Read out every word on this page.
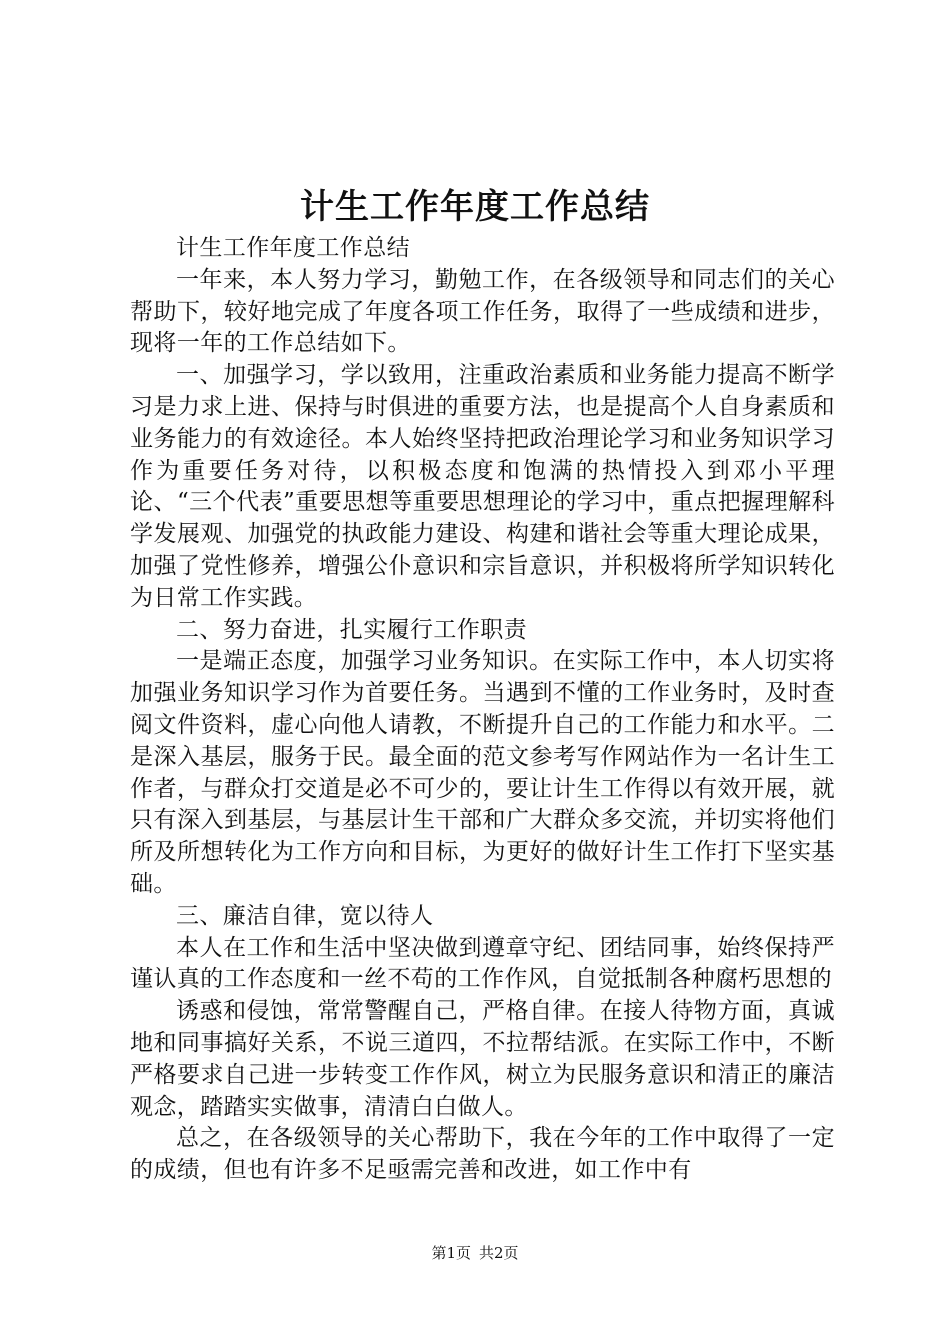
计生工作年度工作总结

计生工作年度工作总结

一年来，本人努力学习，勤勉工作，在各级领导和同志们的关心帮助下，较好地完成了年度各项工作任务，取得了一些成绩和进步，现将一年的工作总结如下。

一、加强学习，学以致用，注重政治素质和业务能力提高不断学习是力求上进、保持与时俱进的重要方法，也是提高个人自身素质和业务能力的有效途径。本人始终坚持把政治理论学习和业务知识学习作为重要任务对待，以积极态度和饱满的热情投入到邓小平理论、“三个代表”重要思想等重要思想理论的学习中，重点把握理解科学发展观、加强党的执政能力建设、构建和谐社会等重大理论成果，加强了党性修养，增强公仆意识和宗旨意识，并积极将所学知识转化为日常工作实践。

二、努力奋进，扎实履行工作职责

一是端正态度，加强学习业务知识。在实际工作中，本人切实将加强业务知识学习作为首要任务。当遇到不懂的工作业务时，及时查阅文件资料，虚心向他人请教，不断提升自己的工作能力和水平。二是深入基层，服务于民。最全面的范文参考写作网站作为一名计生工作者，与群众打交道是必不可少的，要让计生工作得以有效开展，就只有深入到基层，与基层计生干部和广大群众多交流，并切实将他们所及所想转化为工作方向和目标，为更好的做好计生工作打下坚实基础。

三、廉洁自律，宽以待人

本人在工作和生活中坚决做到遵章守纪、团结同事，始终保持严谨认真的工作态度和一丝不苟的工作作风，自觉抵制各种腐朽思想的

诱惑和侵蚀，常常警醒自己，严格自律。在接人待物方面，真诚地和同事搞好关系，不说三道四，不拉帮结派。在实际工作中，不断严格要求自己进一步转变工作作风，树立为民服务意识和清正的廉洁观念，踏踏实实做事，清清白白做人。

总之，在各级领导的关心帮助下，我在今年的工作中取得了一定的成绩，但也有许多不足亟需完善和改进，如工作中有

第1页 共2页
